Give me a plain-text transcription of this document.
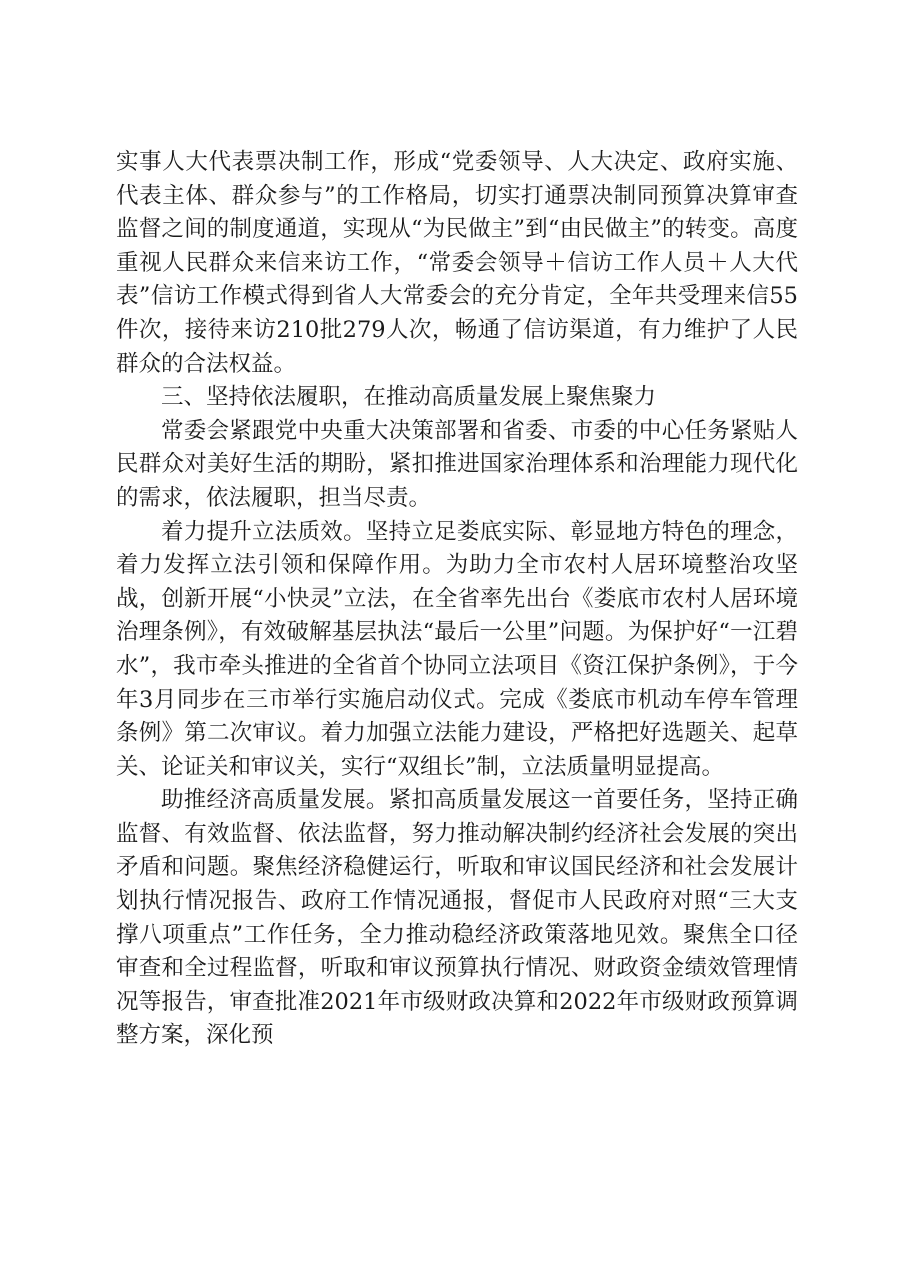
实事人大代表票决制工作，形成“党委领导、人大决定、政府实施、代表主体、群众参与”的工作格局，切实打通票决制同预算决算审查监督之间的制度通道，实现从“为民做主”到“由民做主”的转变。高度重视人民群众来信来访工作，“常委会领导＋信访工作人员＋人大代表”信访工作模式得到省人大常委会的充分肯定，全年共受理来信55件次，接待来访210批279人次，畅通了信访渠道，有力维护了人民群众的合法权益。

三、坚持依法履职，在推动高质量发展上聚焦聚力

常委会紧跟党中央重大决策部署和省委、市委的中心任务紧贴人民群众对美好生活的期盼，紧扣推进国家治理体系和治理能力现代化的需求，依法履职，担当尽责。

着力提升立法质效。坚持立足娄底实际、彰显地方特色的理念，着力发挥立法引领和保障作用。为助力全市农村人居环境整治攻坚战，创新开展“小快灵”立法，在全省率先出台《娄底市农村人居环境治理条例》，有效破解基层执法“最后一公里”问题。为保护好“一江碧水”，我市牵头推进的全省首个协同立法项目《资江保护条例》，于今年3月同步在三市举行实施启动仪式。完成《娄底市机动车停车管理条例》第二次审议。着力加强立法能力建设，严格把好选题关、起草关、论证关和审议关，实行“双组长”制，立法质量明显提高。

助推经济高质量发展。紧扣高质量发展这一首要任务，坚持正确监督、有效监督、依法监督，努力推动解决制约经济社会发展的突出矛盾和问题。聚焦经济稳健运行，听取和审议国民经济和社会发展计划执行情况报告、政府工作情况通报，督促市人民政府对照“三大支撑八项重点”工作任务，全力推动稳经济政策落地见效。聚焦全口径审查和全过程监督，听取和审议预算执行情况、财政资金绩效管理情况等报告，审查批准2021年市级财政决算和2022年市级财政预算调整方案，深化预
